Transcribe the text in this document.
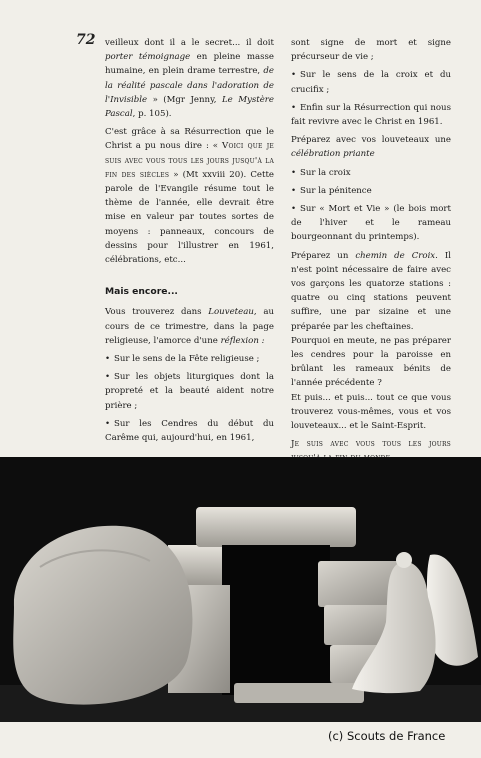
72 veilleux dont il a le secret... il doit porter témoignage en pleine masse humaine, en plein drame terrestre, de la réalité pascale dans l'adoration de l'Invisible » (Mgr Jenny, Le Mystère Pascal, p. 105).

C'est grâce à sa Résurrection que le Christ a pu nous dire : « Voici que je suis avec vous tous les jours jusqu'à la fin des siècles » (Mt xxviii 20). Cette parole de l'Evangile résume tout le thème de l'année, elle devrait être mise en valeur par toutes sortes de moyens : panneaux, concours de dessins pour l'illustrer en 1961, célébrations, etc...

Mais encore...

Vous trouverez dans Louveteau, au cours de ce trimestre, dans la page religieuse, l'amorce d'une réflexion :

• Sur le sens de la Fête religieuse ;

• Sur les objets liturgiques dont la propreté et la beauté aident notre prière ;

• Sur les Cendres du début du Carême qui, aujourd'hui, en 1961,

sont signe de mort et signe précurseur de vie ;

• Sur le sens de la croix et du crucifix ;

• Enfin sur la Résurrection qui nous fait revivre avec le Christ en 1961.

Préparez avec vos louveteaux une célébration priante

• Sur la croix

• Sur la pénitence

• Sur « Mort et Vie » (le bois mort de l'hiver et le rameau bourgeonnant du printemps).

Préparez un chemin de Croix. Il n'est point nécessaire de faire avec vos garçons les quatorze stations : quatre ou cinq stations peuvent suffire, une par sizaine et une préparée par les cheftaines.

Pourquoi en meute, ne pas préparer les cendres pour la paroisse en brûlant les rameaux bénits de l'année précédente ?

Et puis... et puis... tout ce que vous trouverez vous-mêmes, vous et vos louveteaux... et le Saint-Esprit.

Je suis avec vous tous les jours

(c) Scouts de France
